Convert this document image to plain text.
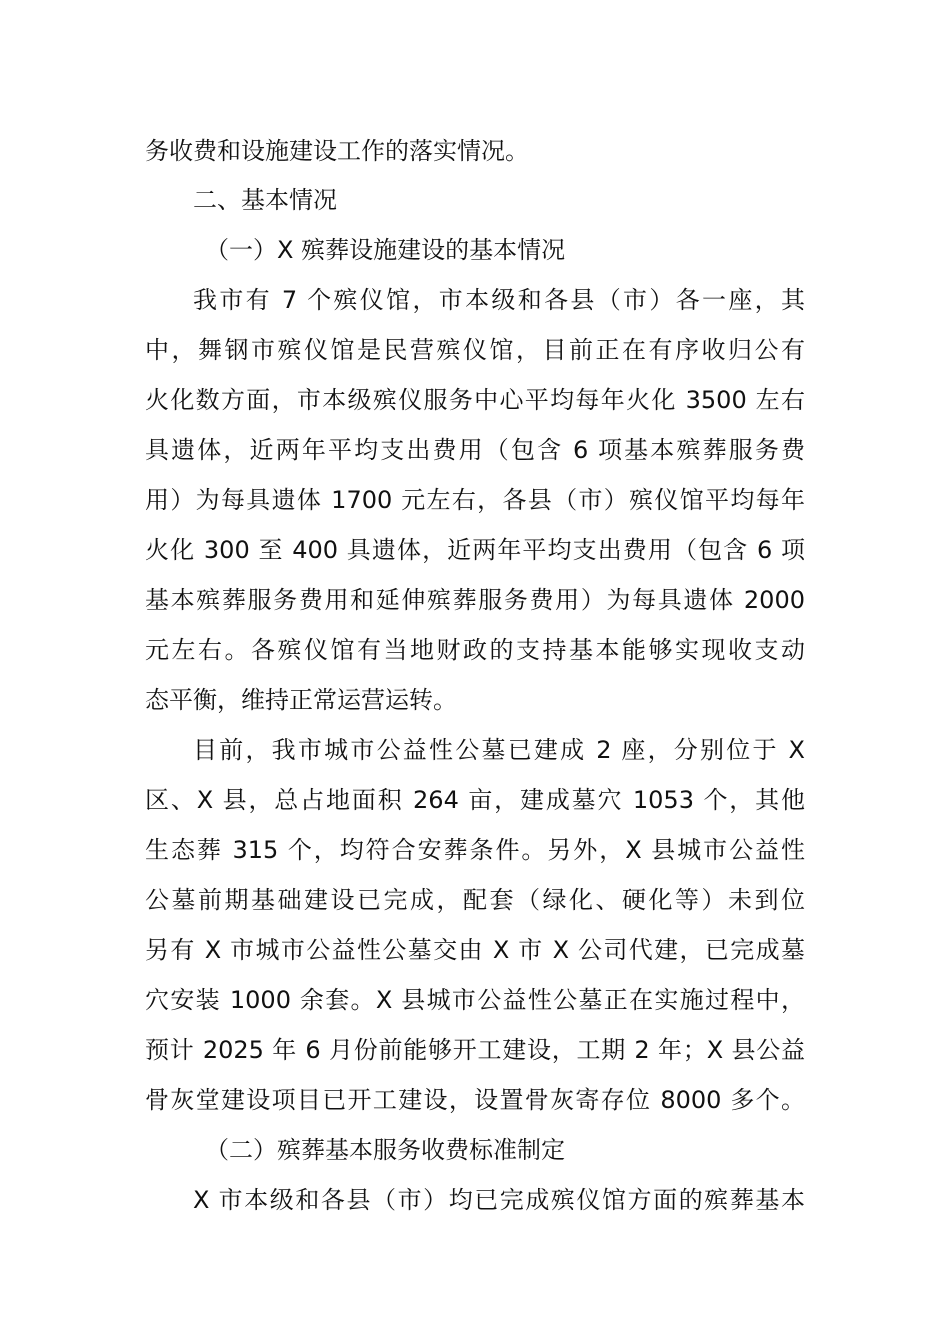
务收费和设施建设工作的落实情况。
二、基本情况
（一）X 殡葬设施建设的基本情况
我市有 7 个殡仪馆，市本级和各县（市）各一座，其
中，舞钢市殡仪馆是民营殡仪馆，目前正在有序收归公有
火化数方面，市本级殡仪服务中心平均每年火化 3500 左右
具遗体，近两年平均支出费用（包含 6 项基本殡葬服务费
用）为每具遗体 1700 元左右，各县（市）殡仪馆平均每年
火化 300 至 400 具遗体，近两年平均支出费用（包含 6 项
基本殡葬服务费用和延伸殡葬服务费用）为每具遗体 2000
元左右。各殡仪馆有当地财政的支持基本能够实现收支动
态平衡，维持正常运营运转。
目前，我市城市公益性公墓已建成 2 座，分别位于 X
区、X 县，总占地面积 264 亩，建成墓穴 1053 个，其他
生态葬 315 个，均符合安葬条件。另外，X 县城市公益性
公墓前期基础建设已完成，配套（绿化、硬化等）未到位
另有 X 市城市公益性公墓交由 X 市 X 公司代建，已完成墓
穴安装 1000 余套。X 县城市公益性公墓正在实施过程中，
预计 2025 年 6 月份前能够开工建设，工期 2 年；X 县公益
骨灰堂建设项目已开工建设，设置骨灰寄存位 8000 多个。
（二）殡葬基本服务收费标准制定
X 市本级和各县（市）均已完成殡仪馆方面的殡葬基本
